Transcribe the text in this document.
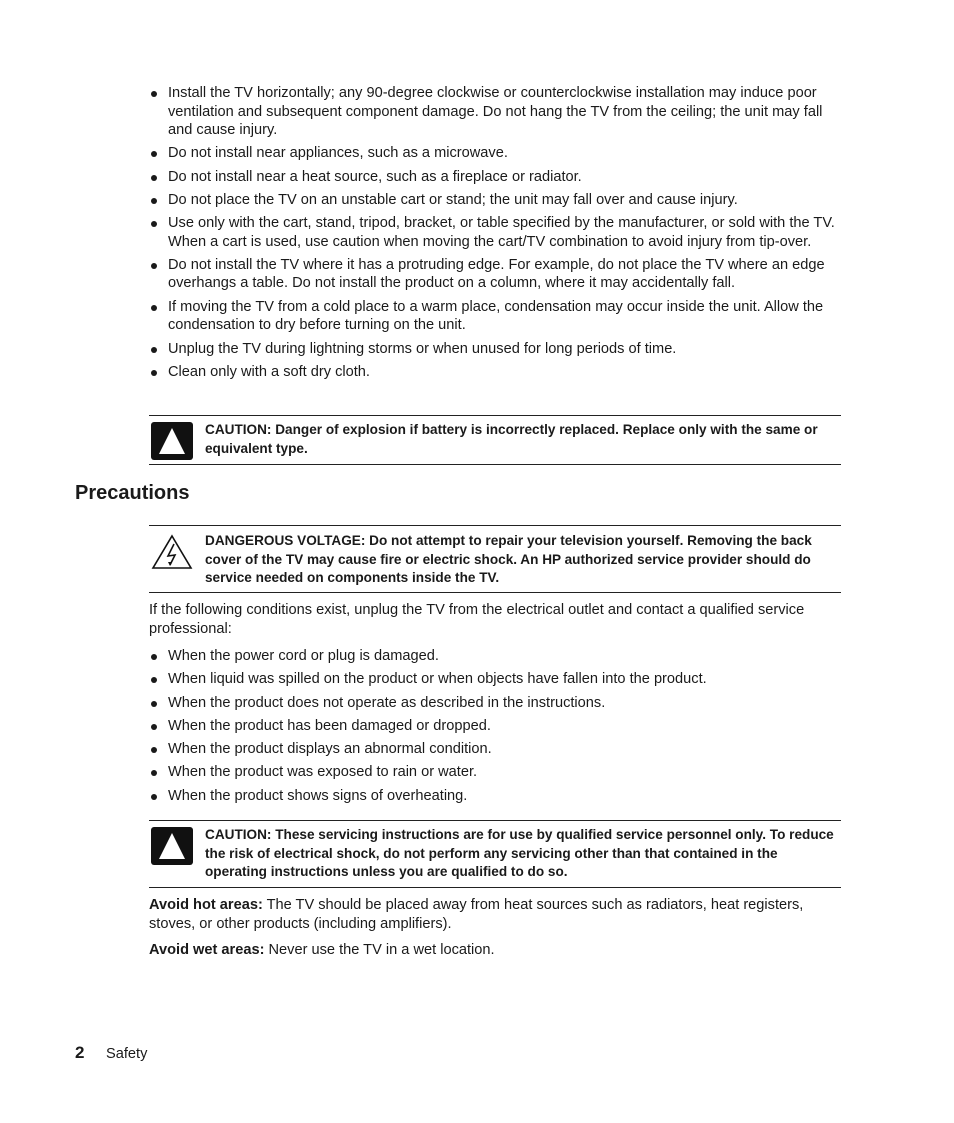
Install the TV horizontally; any 90-degree clockwise or counterclockwise installation may induce poor ventilation and subsequent component damage. Do not hang the TV from the ceiling; the unit may fall and cause injury.
Do not install near appliances, such as a microwave.
Do not install near a heat source, such as a fireplace or radiator.
Do not place the TV on an unstable cart or stand; the unit may fall over and cause injury.
Use only with the cart, stand, tripod, bracket, or table specified by the manufacturer, or sold with the TV. When a cart is used, use caution when moving the cart/TV combination to avoid injury from tip-over.
Do not install the TV where it has a protruding edge. For example, do not place the TV where an edge overhangs a table. Do not install the product on a column, where it may accidentally fall.
If moving the TV from a cold place to a warm place, condensation may occur inside the unit. Allow the condensation to dry before turning on the unit.
Unplug the TV during lightning storms or when unused for long periods of time.
Clean only with a soft dry cloth.
CAUTION: Danger of explosion if battery is incorrectly replaced. Replace only with the same or equivalent type.
Precautions
DANGEROUS VOLTAGE: Do not attempt to repair your television yourself. Removing the back cover of the TV may cause fire or electric shock. An HP authorized service provider should do service needed on components inside the TV.

If the following conditions exist, unplug the TV from the electrical outlet and contact a qualified service professional:

When the power cord or plug is damaged.
When liquid was spilled on the product or when objects have fallen into the product.
When the product does not operate as described in the instructions.
When the product has been damaged or dropped.
When the product displays an abnormal condition.
When the product was exposed to rain or water.
When the product shows signs of overheating.
CAUTION: These servicing instructions are for use by qualified service personnel only. To reduce the risk of electrical shock, do not perform any servicing other than that contained in the operating instructions unless you are qualified to do so.

Avoid hot areas: The TV should be placed away from heat sources such as radiators, heat registers, stoves, or other products (including amplifiers).

Avoid wet areas: Never use the TV in a wet location.

2 Safety
